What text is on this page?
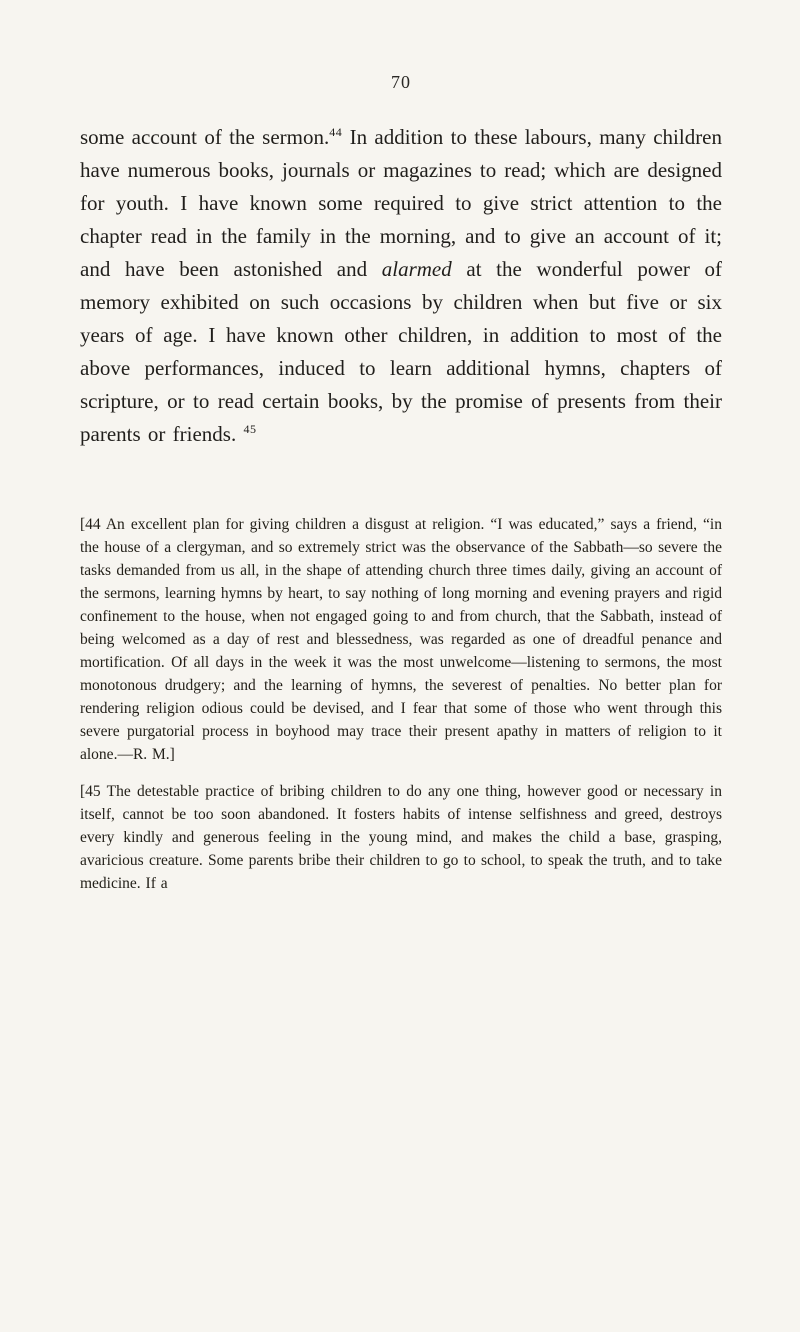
70

some account of the sermon.$^{44}$ In addition to these labours, many children have numerous books, journals or magazines to read; which are designed for youth. I have known some required to give strict attention to the chapter read in the family in the morning, and to give an account of it; and have been astonished and alarmed at the wonderful power of memory exhibited on such occasions by children when but five or six years of age. I have known other children, in addition to most of the above performances, induced to learn additional hymns, chapters of scripture, or to read certain books, by the promise of presents from their parents or friends. $^{45}$

[44 An excellent plan for giving children a disgust at religion. “I was educated,” says a friend, “in the house of a clergyman, and so extremely strict was the observance of the Sabbath—so severe the tasks demanded from us all, in the shape of attending church three times daily, giving an account of the sermons, learning hymns by heart, to say nothing of long morning and evening prayers and rigid confinement to the house, when not engaged going to and from church, that the Sabbath, instead of being welcomed as a day of rest and blessedness, was regarded as one of dreadful penance and mortification. Of all days in the week it was the most unwelcome—listening to sermons, the most monotonous drudgery; and the learning of hymns, the severest of penalties. No better plan for rendering religion odious could be devised, and I fear that some of those who went through this severe purgatorial process in boyhood may trace their present apathy in matters of religion to it alone.—R. M.]

[45 The detestable practice of bribing children to do any one thing, however good or necessary in itself, cannot be too soon abandoned. It fosters habits of intense selfishness and greed, destroys every kindly and generous feeling in the young mind, and makes the child a base, grasping, avaricious creature. Some parents bribe their children to go to school, to speak the truth, and to take medicine. If a
